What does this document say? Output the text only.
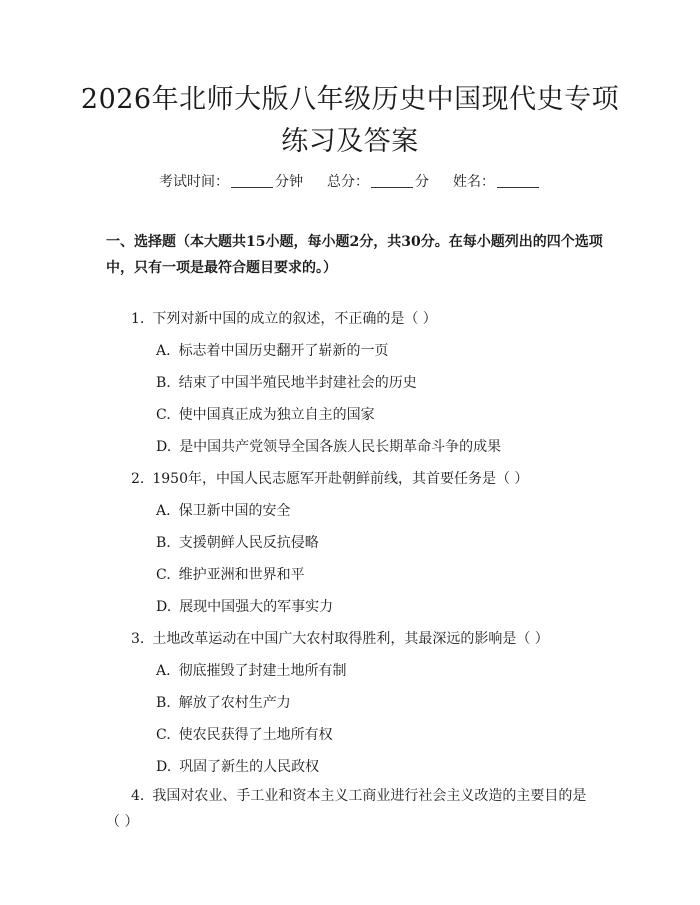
2026年北师大版八年级历史中国现代史专项
练习及答案
考试时间：	分钟 总分：	分 姓名：
一、选择题（本大题共15小题，每小题2分，共30分。在每小题列出的四个选项中，只有一项是最符合题目要求的。）
1. 下列对新中国的成立的叙述，不正确的是（ ）
A. 标志着中国历史翻开了崭新的一页
B. 结束了中国半殖民地半封建社会的历史
C. 使中国真正成为独立自主的国家
D. 是中国共产党领导全国各族人民长期革命斗争的成果
2. 1950年，中国人民志愿军开赴朝鲜前线，其首要任务是（ ）
A. 保卫新中国的安全
B. 支援朝鲜人民反抗侵略
C. 维护亚洲和世界和平
D. 展现中国强大的军事实力
3. 土地改革运动在中国广大农村取得胜利，其最深远的影响是（ ）
A. 彻底摧毁了封建土地所有制
B. 解放了农村生产力
C. 使农民获得了土地所有权
D. 巩固了新生的人民政权
4. 我国对农业、手工业和资本主义工商业进行社会主义改造的主要目的是（ ）
